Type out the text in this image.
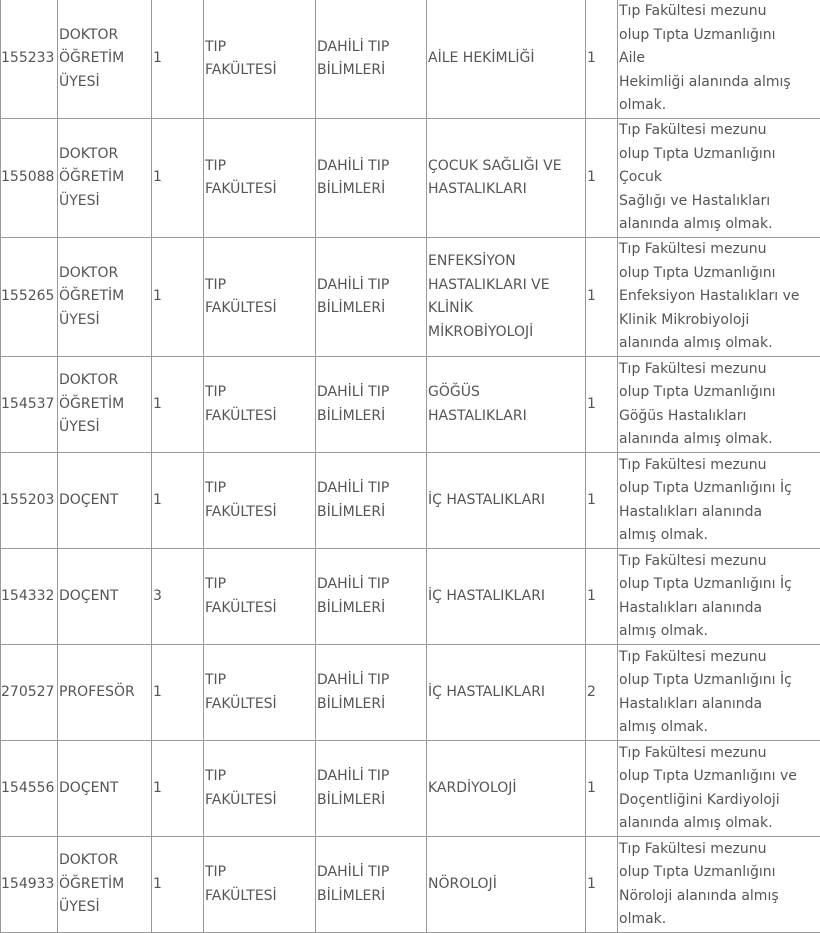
155233	DOKTOR
ÖĞRETİM
ÜYESİ	1	TIP
FAKÜLTESİ	DAHİLİ TIP
BİLİMLERİ	AİLE HEKİMLİĞİ	1	Tıp Fakültesi mezunu
olup Tıpta Uzmanlığını
Aile
Hekimliği alanında almış
olmak.

155088	DOKTOR
ÖĞRETİM
ÜYESİ	1	TIP
FAKÜLTESİ	DAHİLİ TIP
BİLİMLERİ	ÇOCUK SAĞLIĞI VE
HASTALIKLARI	1	Tıp Fakültesi mezunu
olup Tıpta Uzmanlığını
Çocuk
Sağlığı ve Hastalıkları
alanında almış olmak.

155265	DOKTOR
ÖĞRETİM
ÜYESİ	1	TIP
FAKÜLTESİ	DAHİLİ TIP
BİLİMLERİ	ENFEKSİYON
HASTALIKLARI VE
KLİNİK
MİKROBİYOLOJİ	1	Tıp Fakültesi mezunu
olup Tıpta Uzmanlığını
Enfeksiyon Hastalıkları ve
Klinik Mikrobiyoloji
alanında almış olmak.

154537	DOKTOR
ÖĞRETİM
ÜYESİ	1	TIP
FAKÜLTESİ	DAHİLİ TIP
BİLİMLERİ	GÖĞÜS
HASTALIKLARI	1	Tıp Fakültesi mezunu
olup Tıpta Uzmanlığını
Göğüs Hastalıkları
alanında almış olmak.

155203	DOÇENT	1	TIP
FAKÜLTESİ	DAHİLİ TIP
BİLİMLERİ	İÇ HASTALIKLARI	1	Tıp Fakültesi mezunu
olup Tıpta Uzmanlığını İç
Hastalıkları alanında
almış olmak.

154332	DOÇENT	3	TIP
FAKÜLTESİ	DAHİLİ TIP
BİLİMLERİ	İÇ HASTALIKLARI	1	Tıp Fakültesi mezunu
olup Tıpta Uzmanlığını İç
Hastalıkları alanında
almış olmak.

270527	PROFESÖR	1	TIP
FAKÜLTESİ	DAHİLİ TIP
BİLİMLERİ	İÇ HASTALIKLARI	2	Tıp Fakültesi mezunu
olup Tıpta Uzmanlığını İç
Hastalıkları alanında
almış olmak.

154556	DOÇENT	1	TIP
FAKÜLTESİ	DAHİLİ TIP
BİLİMLERİ	KARDİYOLOJİ	1	Tıp Fakültesi mezunu
olup Tıpta Uzmanlığını ve
Doçentliğini Kardiyoloji
alanında almış olmak.

154933	DOKTOR
ÖĞRETİM
ÜYESİ	1	TIP
FAKÜLTESİ	DAHİLİ TIP
BİLİMLERİ	NÖROLOJİ	1	Tıp Fakültesi mezunu
olup Tıpta Uzmanlığını
Nöroloji alanında almış
olmak.
